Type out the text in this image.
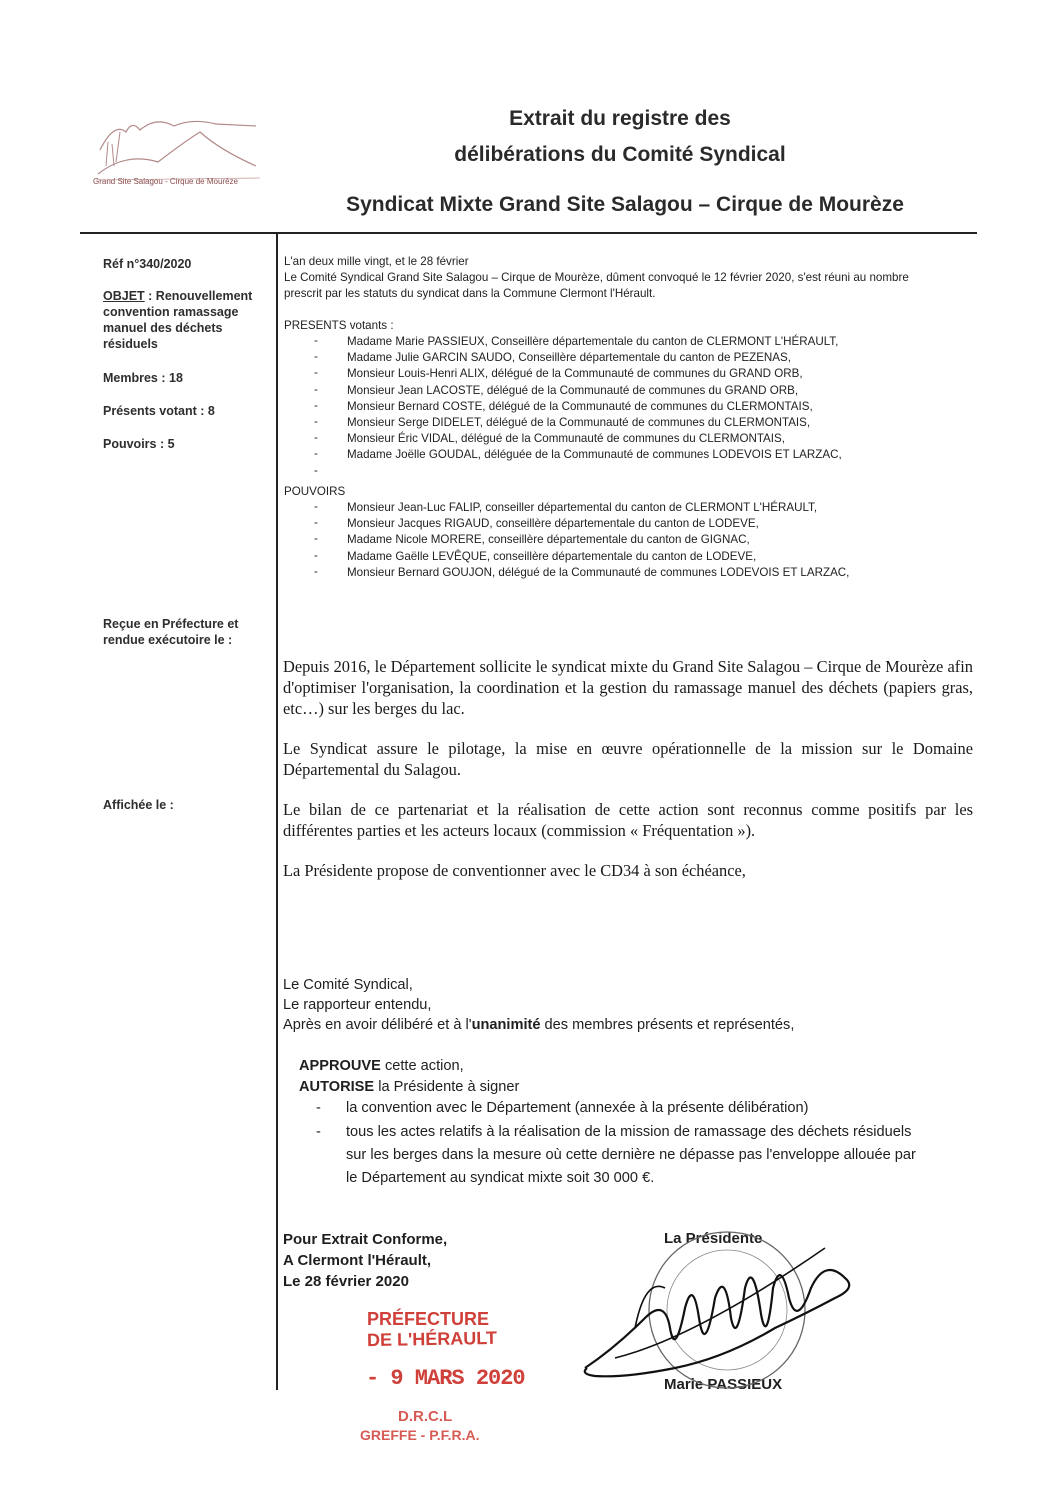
Grand Site Salagou - Cirque de Mourèze
Extrait du registre des
délibérations du Comité Syndical
Syndicat Mixte Grand Site Salagou – Cirque de Mourèze
Réf n°340/2020
OBJET : Renouvellement convention ramassage manuel des déchets résiduels
Membres : 18
Présents votant : 8
Pouvoirs : 5
Reçue en Préfecture et rendue exécutoire le :
Affichée le :
L'an deux mille vingt, et le 28 février
Le Comité Syndical Grand Site Salagou – Cirque de Mourèze, dûment convoqué le 12 février 2020, s'est réuni au nombre
prescrit par les statuts du syndicat dans la Commune Clermont l'Hérault.
PRESENTS votants :
-	Madame Marie PASSIEUX, Conseillère départementale du canton de CLERMONT L'HÉRAULT,
-	Madame Julie GARCIN SAUDO, Conseillère départementale du canton de PEZENAS,
-	Monsieur Louis-Henri ALIX, délégué de la Communauté de communes du GRAND ORB,
-	Monsieur Jean LACOSTE, délégué de la Communauté de communes du GRAND ORB,
-	Monsieur Bernard COSTE, délégué de la Communauté de communes du CLERMONTAIS,
-	Monsieur Serge DIDELET, délégué de la Communauté de communes du CLERMONTAIS,
-	Monsieur Éric VIDAL, délégué de la Communauté de communes du CLERMONTAIS,
-	Madame Joëlle GOUDAL, déléguée de la Communauté de communes LODEVOIS ET LARZAC,
-
POUVOIRS
-	Monsieur Jean-Luc FALIP, conseiller départemental du canton de CLERMONT L'HÉRAULT,
-	Monsieur Jacques RIGAUD, conseillère départementale du canton de LODEVE,
-	Madame Nicole MORERE, conseillère départementale du canton de GIGNAC,
-	Madame Gaëlle LEVÊQUE, conseillère départementale du canton de LODEVE,
-	Monsieur Bernard GOUJON, délégué de la Communauté de communes LODEVOIS ET LARZAC,
Depuis 2016, le Département sollicite le syndicat mixte du Grand Site Salagou – Cirque de Mourèze afin d'optimiser l'organisation, la coordination et la gestion du ramassage manuel des déchets (papiers gras, etc…) sur les berges du lac.
Le Syndicat assure le pilotage, la mise en œuvre opérationnelle de la mission sur le Domaine Départemental du Salagou.
Le bilan de ce partenariat et la réalisation de cette action sont reconnus comme positifs par les différentes parties et les acteurs locaux (commission « Fréquentation »).
La Présidente propose de conventionner avec le CD34 à son échéance,
Le Comité Syndical,
Le rapporteur entendu,
Après en avoir délibéré et à l'unanimité des membres présents et représentés,
APPROUVE cette action,
AUTORISE la Présidente à signer
- la convention avec le Département (annexée à la présente délibération)
- tous les actes relatifs à la réalisation de la mission de ramassage des déchets résiduels
sur les berges dans la mesure où cette dernière ne dépasse pas l'enveloppe allouée par
le Département au syndicat mixte soit 30 000 €.
Pour Extrait Conforme,
A Clermont l'Hérault,
Le 28 février 2020
La Présidente
Marie PASSIEUX
PRÉFECTURE
DE L'HÉRAULT
- 9 MARS 2020
D.R.C.L
GREFFE - P.F.R.A.
